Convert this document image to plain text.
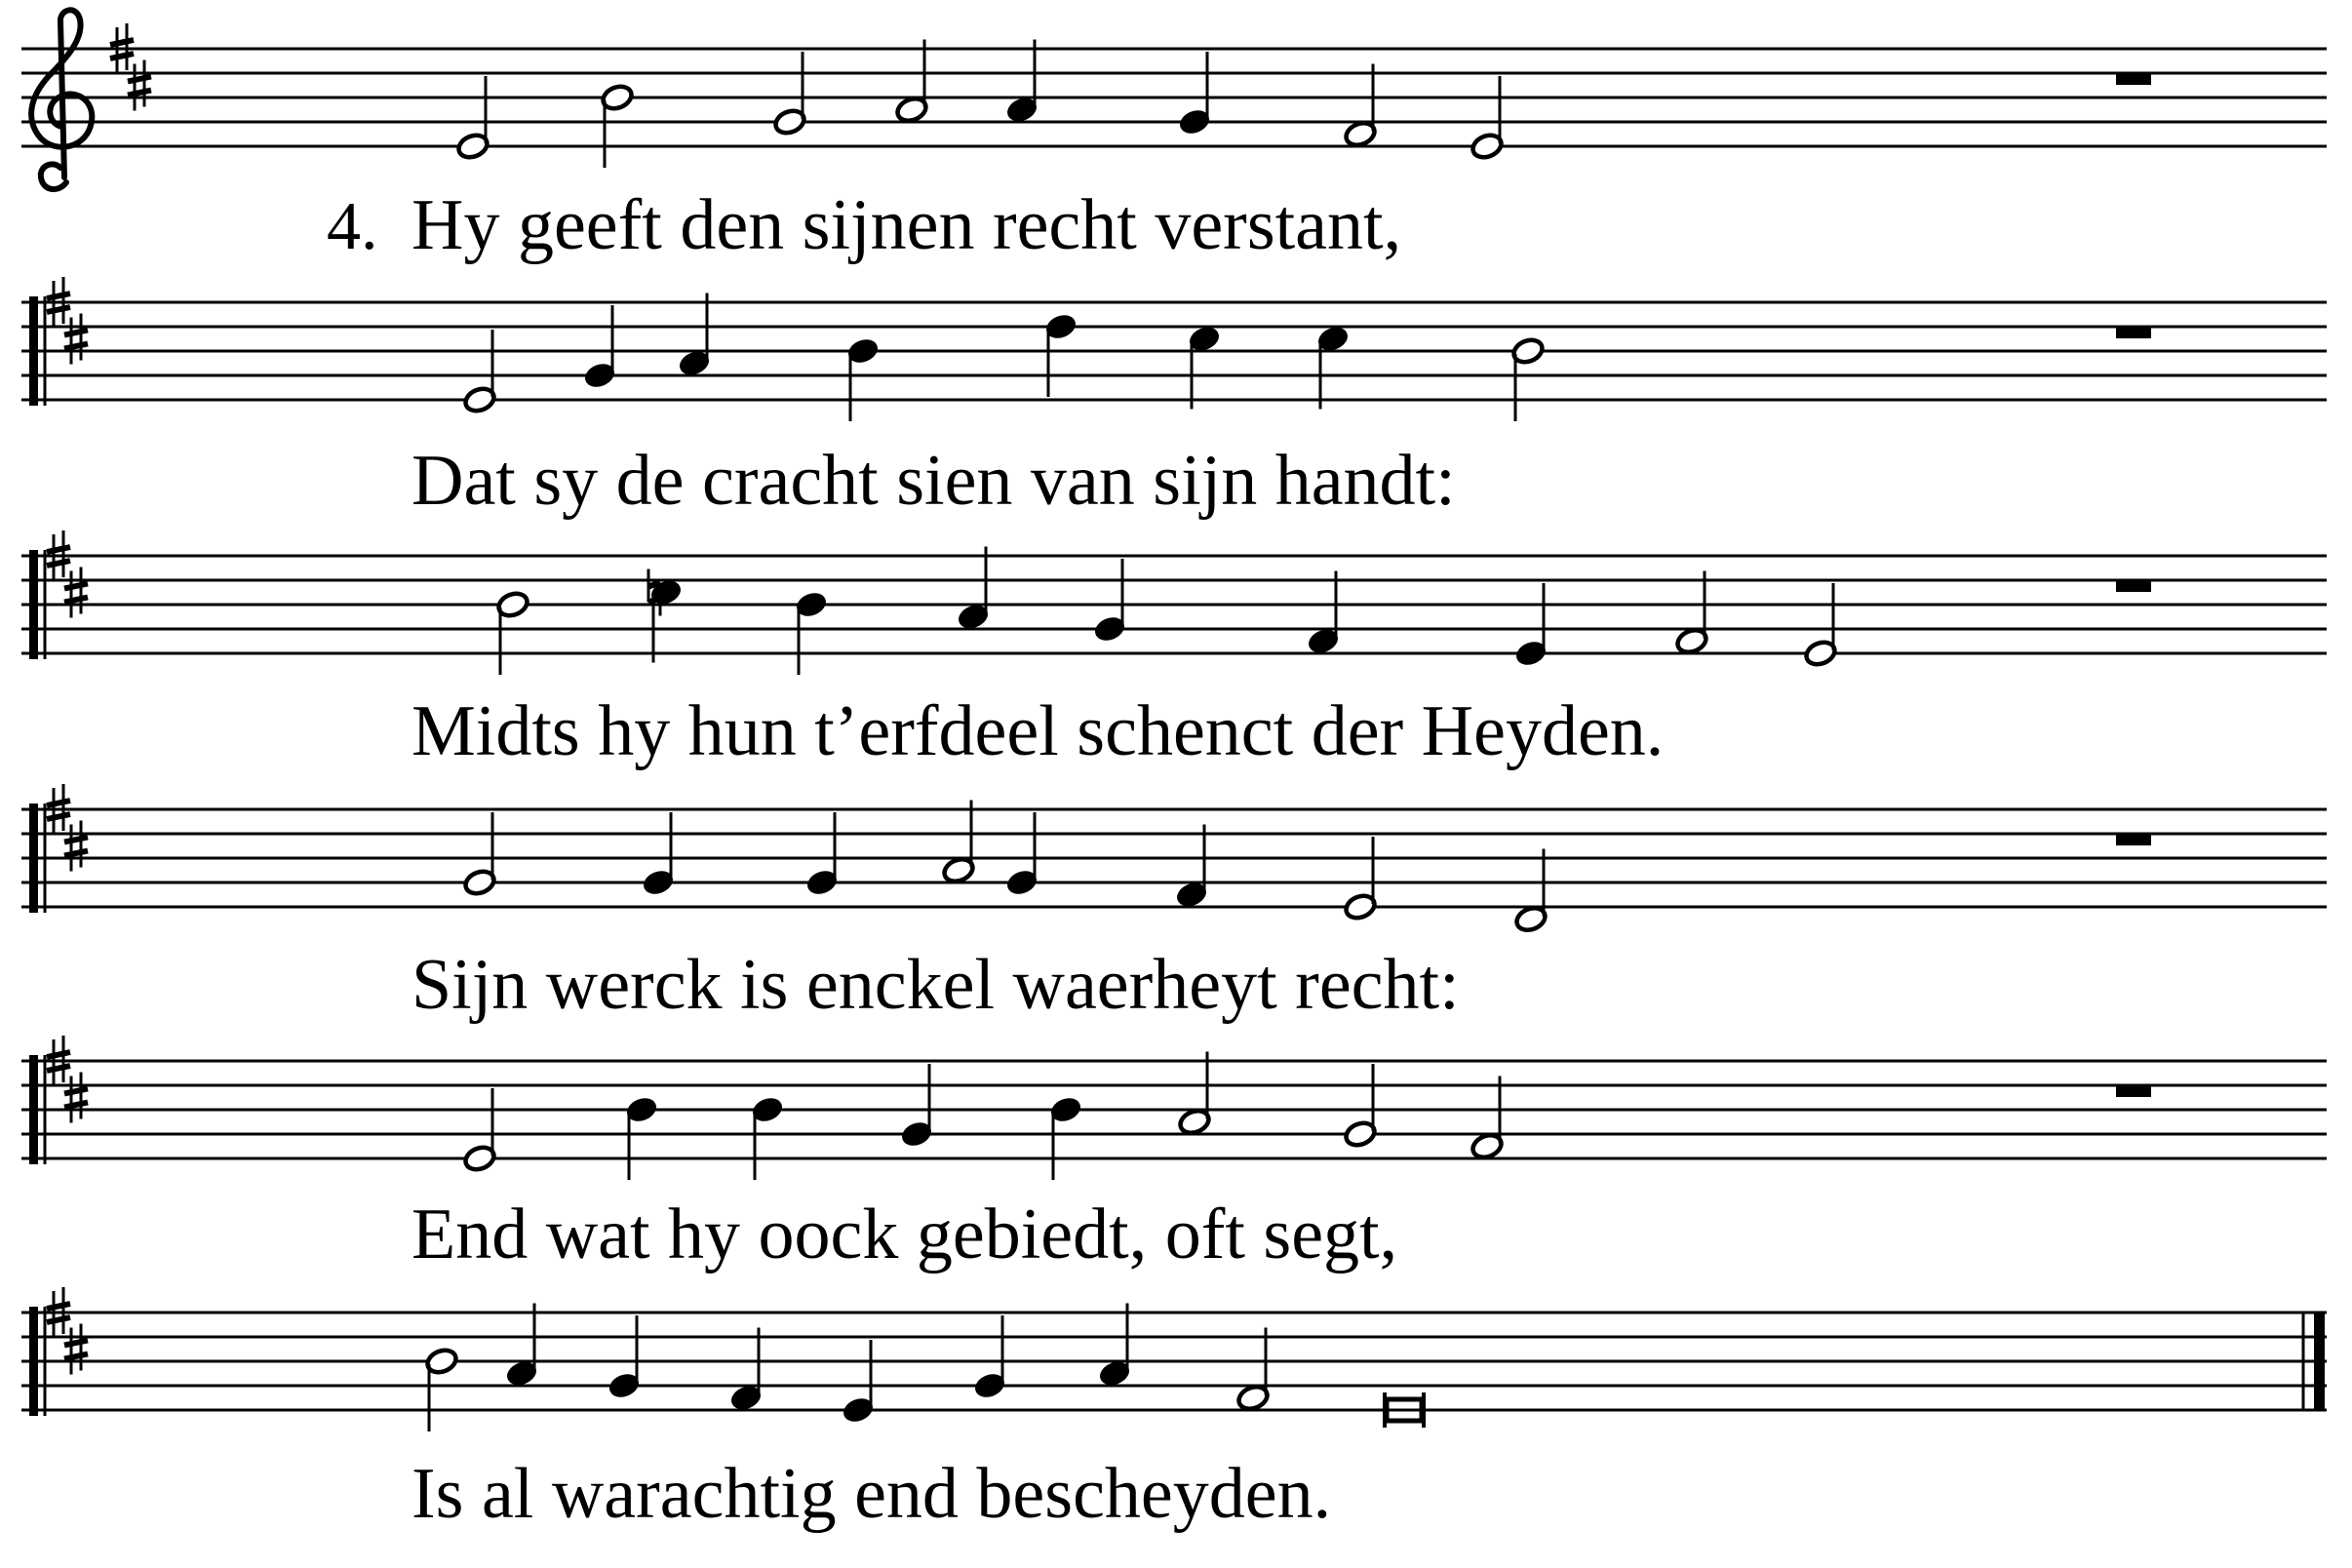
4. Hy geeft den sijnen recht verstant,
Dat sy de cracht sien van sijn handt:
Midts hy hun t’erfdeel schenct der Heyden.
Sijn werck is enckel waerheyt recht:
End wat hy oock gebiedt, oft segt,
Is al warachtig end bescheyden.
